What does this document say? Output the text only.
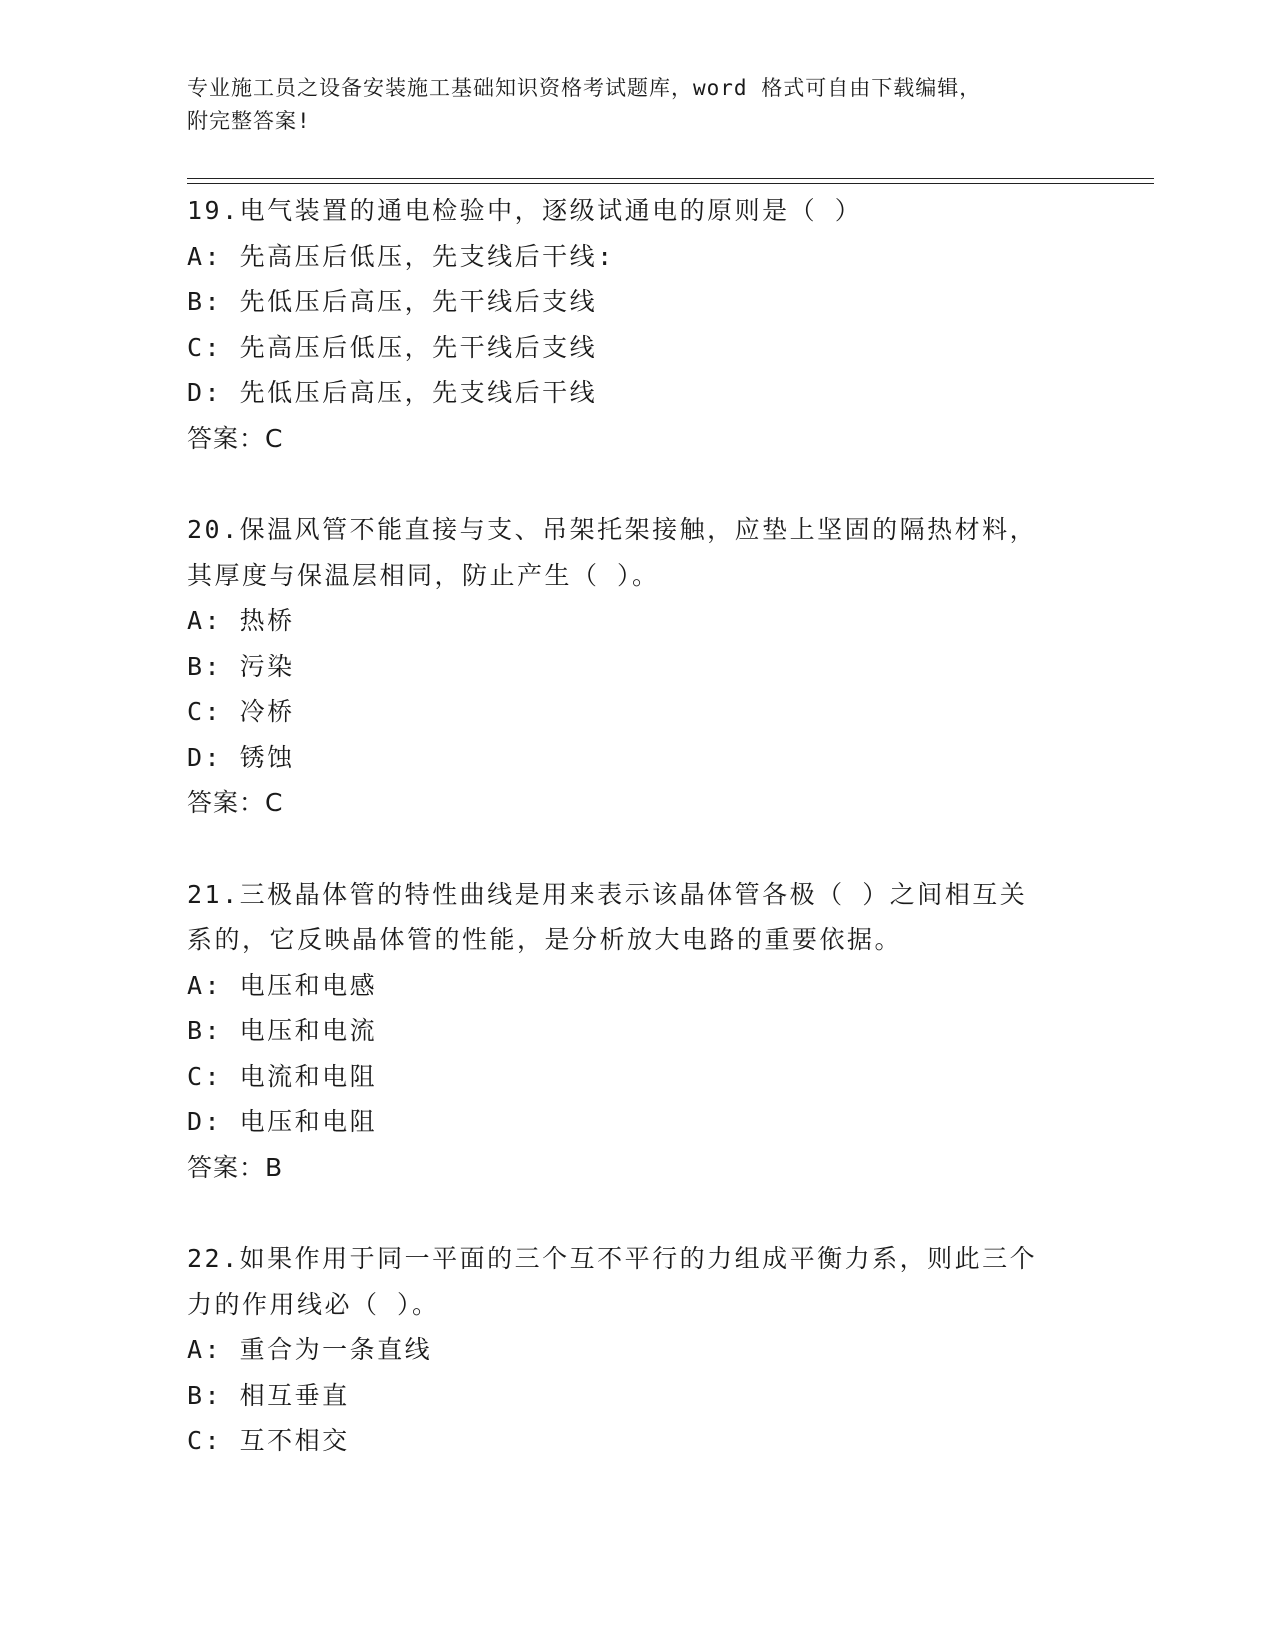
专业施工员之设备安装施工基础知识资格考试题库，word 格式可自由下载编辑，
附完整答案!
19.电气装置的通电检验中，逐级试通电的原则是（ ）
A: 先高压后低压，先支线后干线:
B: 先低压后高压，先干线后支线
C: 先高压后低压，先干线后支线
D: 先低压后高压，先支线后干线
答案：C
20.保温风管不能直接与支、吊架托架接触，应垫上坚固的隔热材料，
其厚度与保温层相同，防止产生（ ）。
A: 热桥
B: 污染
C: 冷桥
D: 锈蚀
答案：C
21.三极晶体管的特性曲线是用来表示该晶体管各极（ ）之间相互关
系的，它反映晶体管的性能，是分析放大电路的重要依据。
A: 电压和电感
B: 电压和电流
C: 电流和电阻
D: 电压和电阻
答案：B
22.如果作用于同一平面的三个互不平行的力组成平衡力系，则此三个
力的作用线必（ ）。
A: 重合为一条直线
B: 相互垂直
C: 互不相交
